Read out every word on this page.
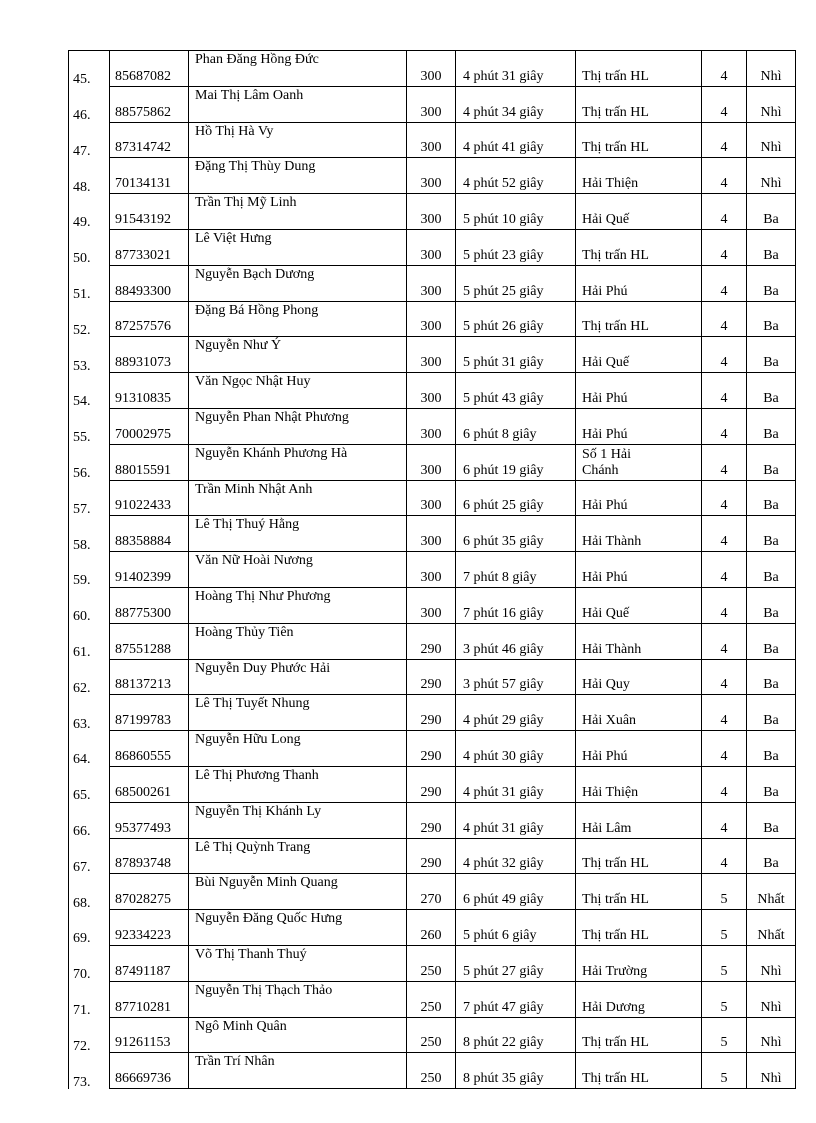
45.	85687082	Phan Đăng Hồng Đức	300	4 phút 31 giây	Thị trấn HL	4	Nhì
46.	88575862	Mai Thị Lâm Oanh	300	4 phút 34 giây	Thị trấn HL	4	Nhì
47.	87314742	Hồ Thị Hà Vy	300	4 phút 41 giây	Thị trấn HL	4	Nhì
48.	70134131	Đặng Thị Thùy Dung	300	4 phút 52 giây	Hải Thiện	4	Nhì
49.	91543192	Trần Thị Mỹ Linh	300	5 phút 10 giây	Hải Quế	4	Ba
50.	87733021	Lê Việt Hưng	300	5 phút 23 giây	Thị trấn HL	4	Ba
51.	88493300	Nguyễn Bạch Dương	300	5 phút 25 giây	Hải Phú	4	Ba
52.	87257576	Đặng Bá Hồng Phong	300	5 phút 26 giây	Thị trấn HL	4	Ba
53.	88931073	Nguyễn Như Ý	300	5 phút 31 giây	Hải Quế	4	Ba
54.	91310835	Văn Ngọc Nhật Huy	300	5 phút 43 giây	Hải Phú	4	Ba
55.	70002975	Nguyễn Phan Nhật Phương	300	6 phút 8 giây	Hải Phú	4	Ba
56.	88015591	Nguyễn Khánh Phương Hà	300	6 phút 19 giây	Số 1 Hải Chánh	4	Ba
57.	91022433	Trần Minh Nhật Anh	300	6 phút 25 giây	Hải Phú	4	Ba
58.	88358884	Lê Thị Thuý Hằng	300	6 phút 35 giây	Hải Thành	4	Ba
59.	91402399	Văn Nữ Hoài Nương	300	7 phút 8 giây	Hải Phú	4	Ba
60.	88775300	Hoàng Thị Như Phương	300	7 phút 16 giây	Hải Quế	4	Ba
61.	87551288	Hoàng Thủy Tiên	290	3 phút 46 giây	Hải Thành	4	Ba
62.	88137213	Nguyễn Duy Phước Hải	290	3 phút 57 giây	Hải Quy	4	Ba
63.	87199783	Lê Thị Tuyết Nhung	290	4 phút 29 giây	Hải Xuân	4	Ba
64.	86860555	Nguyễn Hữu Long	290	4 phút 30 giây	Hải Phú	4	Ba
65.	68500261	Lê Thị Phương Thanh	290	4 phút 31 giây	Hải Thiện	4	Ba
66.	95377493	Nguyễn Thị Khánh Ly	290	4 phút 31 giây	Hải Lâm	4	Ba
67.	87893748	Lê Thị Quỳnh Trang	290	4 phút 32 giây	Thị trấn HL	4	Ba
68.	87028275	Bùi Nguyễn Minh Quang	270	6 phút 49 giây	Thị trấn HL	5	Nhất
69.	92334223	Nguyễn Đăng Quốc Hưng	260	5 phút 6 giây	Thị trấn HL	5	Nhất
70.	87491187	Võ Thị Thanh Thuý	250	5 phút 27 giây	Hải Trường	5	Nhì
71.	87710281	Nguyễn Thị Thạch Thảo	250	7 phút 47 giây	Hải Dương	5	Nhì
72.	91261153	Ngô Minh Quân	250	8 phút 22 giây	Thị trấn HL	5	Nhì
73.	86669736	Trần Trí Nhân	250	8 phút 35 giây	Thị trấn HL	5	Nhì
